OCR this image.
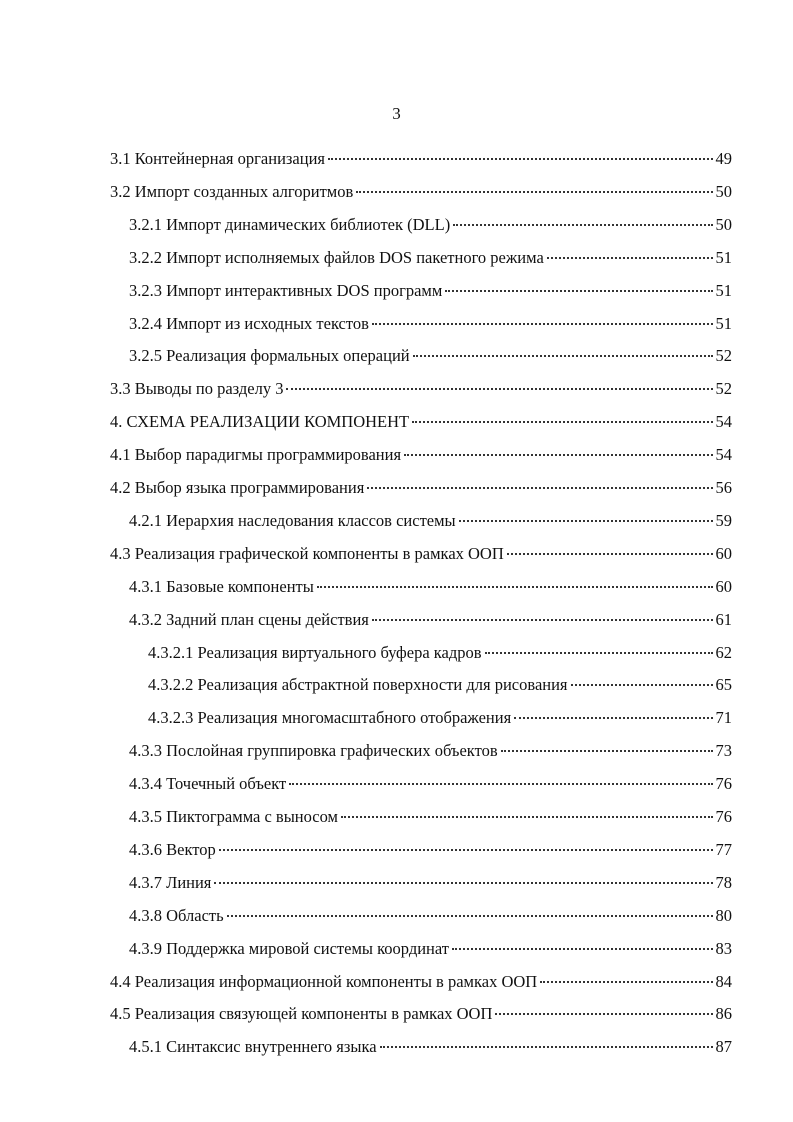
3
3.1 Контейнерная организация	49
3.2 Импорт созданных алгоритмов	50
3.2.1 Импорт динамических библиотек (DLL)	50
3.2.2 Импорт исполняемых файлов DOS пакетного режима	51
3.2.3 Импорт интерактивных DOS программ	51
3.2.4 Импорт из исходных текстов	51
3.2.5 Реализация формальных операций	52
3.3 Выводы по разделу 3	52
4. СХЕМА РЕАЛИЗАЦИИ КОМПОНЕНТ	54
4.1 Выбор парадигмы программирования	54
4.2 Выбор языка программирования	56
4.2.1 Иерархия наследования классов системы	59
4.3 Реализация графической компоненты в рамках ООП	60
4.3.1 Базовые компоненты	60
4.3.2 Задний план сцены действия	61
4.3.2.1 Реализация виртуального буфера кадров	62
4.3.2.2 Реализация абстрактной поверхности для рисования	65
4.3.2.3 Реализация многомасштабного отображения	71
4.3.3 Послойная группировка графических объектов	73
4.3.4 Точечный объект	76
4.3.5 Пиктограмма с выносом	76
4.3.6 Вектор	77
4.3.7 Линия	78
4.3.8 Область	80
4.3.9 Поддержка мировой системы координат	83
4.4 Реализация информационной компоненты в рамках ООП	84
4.5 Реализация связующей компоненты в рамках ООП	86
4.5.1 Синтаксис внутреннего языка	87
